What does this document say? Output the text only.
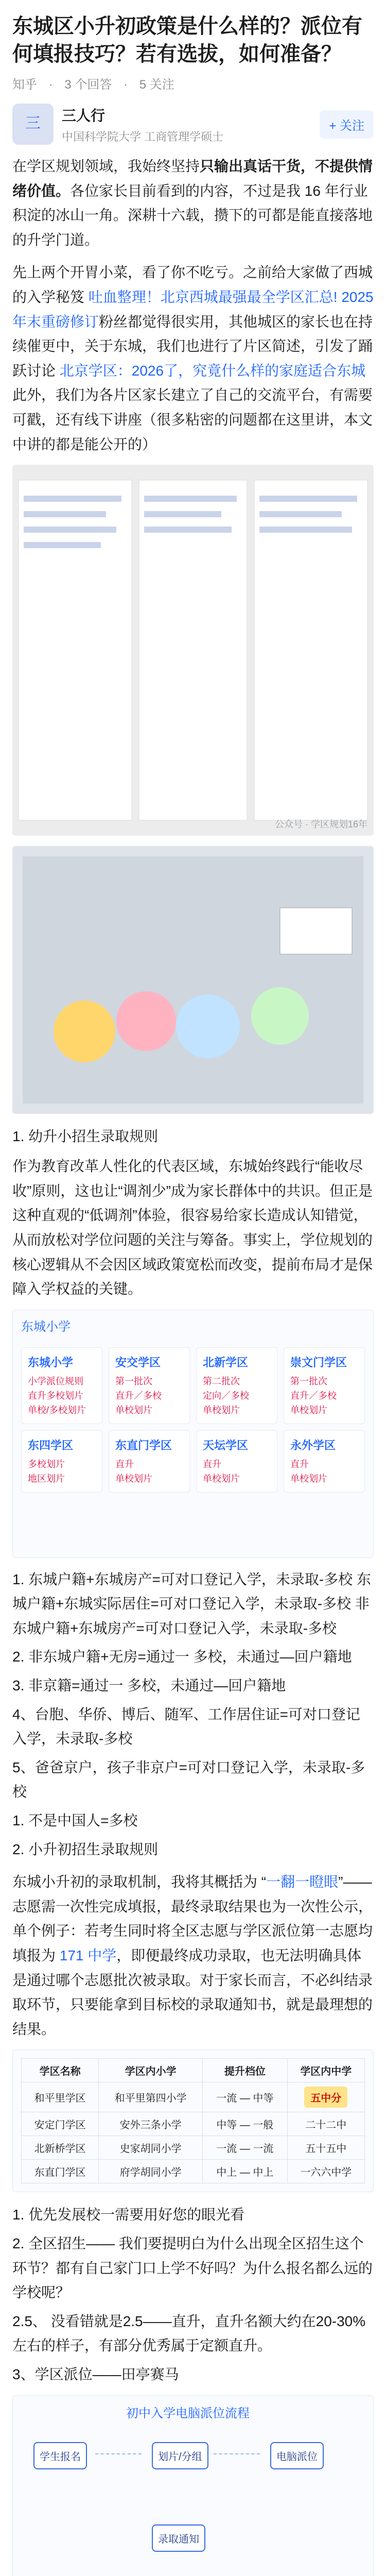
东城区小升初政策是什么样的？派位有何填报技巧？若有选拔，如何准备？
知乎 · 3 个回答 · 5 关注
三 三人行
中国科学院大学 工商管理学硕士
+ 关注
在学区规划领域，我始终坚持只输出真话干货，不提供情绪价值。各位家长目前看到的内容，不过是我 16 年行业积淀的冰山一角。深耕十六载，攒下的可都是能直接落地的升学门道。
先上两个开胃小菜，看了你不吃亏。之前给大家做了西城的入学秘笈 吐血整理！北京西城最强最全学区汇总! 2025年末重磅修订粉丝都觉得很实用，其他城区的家长也在持续催更中，关于东城，我们也进行了片区简述，引发了踊跃讨论 北京学区：2026了，究竟什么样的家庭适合东城此外，我们为各片区家长建立了自己的交流平台，有需要可戳，还有线下讲座（很多粘密的问题都在这里讲，本文中讲的都是能公开的）
公众号 · 学区规划16年
1. 幼升小招生录取规则
作为教育改革人性化的代表区域，东城始终践行“能收尽收”原则，这也让“调剂少”成为家长群体中的共识。但正是这种直观的“低调剂”体验，很容易给家长造成认知错觉，从而放松对学位问题的关注与筹备。事实上，学位规划的核心逻辑从不会因区域政策宽松而改变，提前布局才是保障入学权益的关键。
东城小学
东城小学
小学派位规则
直升多校划片
单校/多校划片
安交学区
第一批次
直升／多校
单校划片
北新学区
第二批次
定向／多校
单校划片
崇文门学区
第一批次
直升／多校
单校划片
东四学区
多校划片
地区划片
东直门学区
直升
单校划片
天坛学区
直升
单校划片
永外学区
直升
单校划片
1. 东城户籍+东城房产=可对口登记入学，未录取-多校 东城户籍+东城实际居住=可对口登记入学，未录取-多校 非东城户籍+东城房产=可对口登记入学，未录取-多校
2. 非东城户籍+无房=通过一 多校，未通过—回户籍地
3. 非京籍=通过一 多校，未通过—回户籍地
4、台胞、华侨、博后、随军、工作居住证=可对口登记入学，未录取-多校
5、爸爸京户，孩子非京户=可对口登记入学，未录取-多校
1. 不是中国人=多校
2. 小升初招生录取规则
东城小升初的录取机制，我将其概括为 “一翻一瞪眼”——志愿需一次性完成填报，最终录取结果也为一次性公示，单个例子：若考生同时将全区志愿与学区派位第一志愿均填报为 171 中学，即便最终成功录取，也无法明确具体是通过哪个志愿批次被录取。对于家长而言，不必纠结录取环节，只要能拿到目标校的录取通知书，就是最理想的结果。
学区名称	学区内小学	提升档位	学区内中学
和平里学区	和平里第四小学	一流 — 中等	五中分
安定门学区	安外三条小学	中等 — 一般	二十二中
北新桥学区	史家胡同小学	一流 — 一流	五十五中
东直门学区	府学胡同小学	中上 — 中上	一六六中学
1. 优先发展校一需要用好您的眼光看
2. 全区招生—— 我们要提明白为什么出现全区招生这个环节？都有自己家门口上学不好吗？为什么报名都么远的学校呢？
2.5、 没看错就是2.5——直升，直升名额大约在20-30%左右的样子，有部分优秀属于定额直升。
3、学区派位——田亭赛马
初中入学电脑派位流程
学生报名	划片/分组	电脑派位
录取通知
